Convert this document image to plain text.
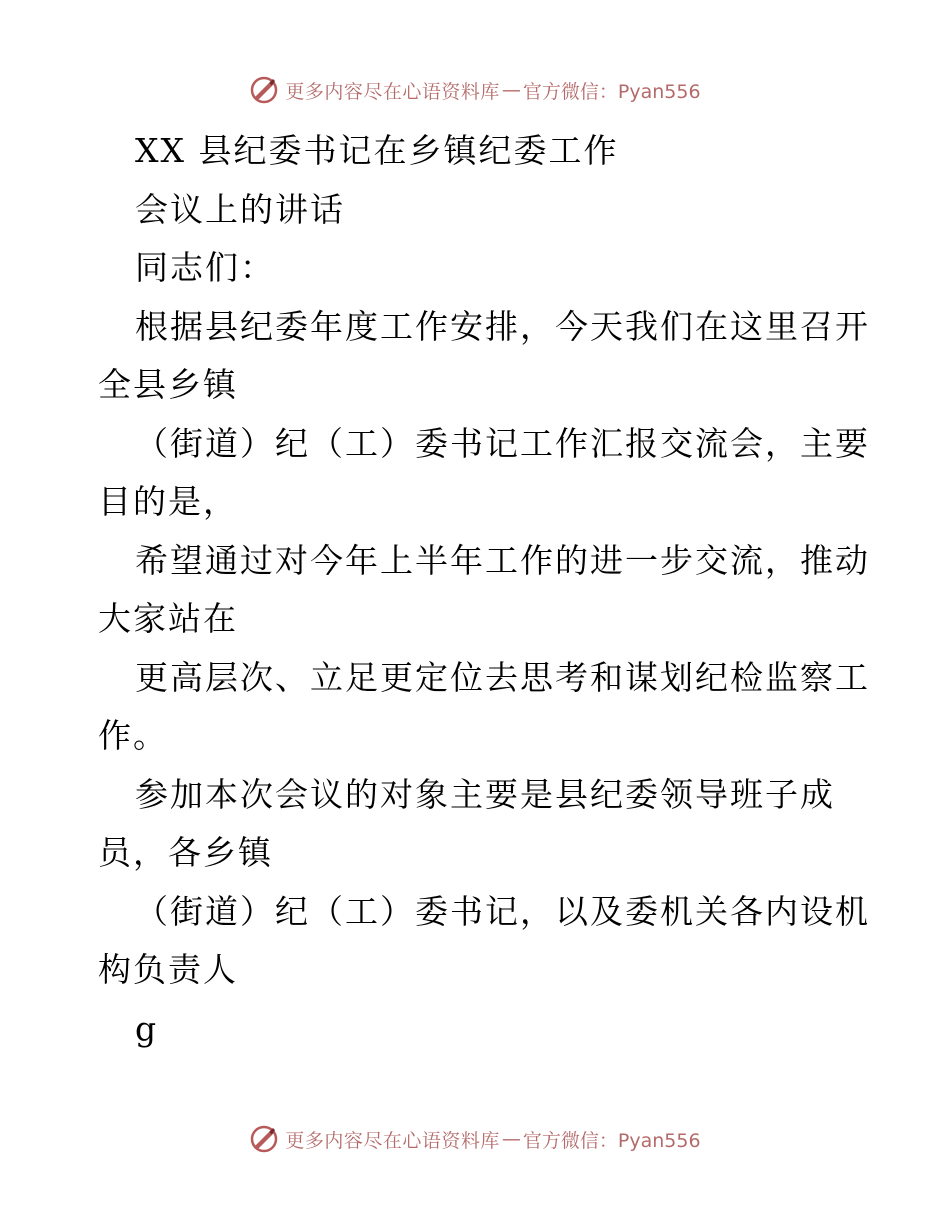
更多内容尽在心语资料库 — 官方微信：Pyan556
XX 县纪委书记在乡镇纪委工作
会议上的讲话
同志们：
根据县纪委年度工作安排，今天我们在这里召开
全县乡镇
（街道）纪（工）委书记工作汇报交流会，主要
目的是，
希望通过对今年上半年工作的进一步交流，推动
大家站在
更高层次、立足更定位去思考和谋划纪检监察工
作。
参加本次会议的对象主要是县纪委领导班子成
员，各乡镇
（街道）纪（工）委书记，以及委机关各内设机
构负责人
g
更多内容尽在心语资料库 — 官方微信：Pyan556
